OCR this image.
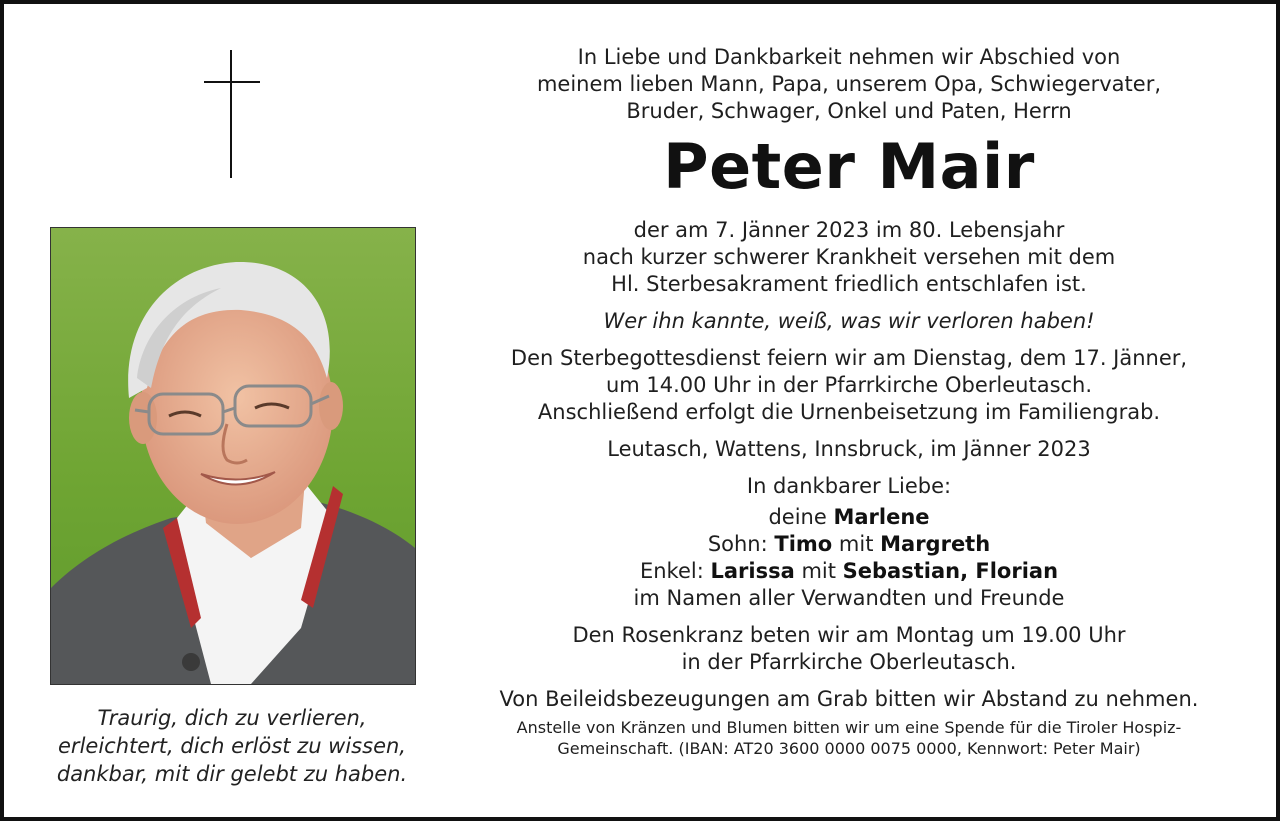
Traurig, dich zu verlieren,
erleichtert, dich erlöst zu wissen,
dankbar, mit dir gelebt zu haben.
In Liebe und Dankbarkeit nehmen wir Abschied von
meinem lieben Mann, Papa, unserem Opa, Schwiegervater,
Bruder, Schwager, Onkel und Paten, Herrn
Peter Mair
der am 7. Jänner 2023 im 80. Lebensjahr
nach kurzer schwerer Krankheit versehen mit dem
Hl. Sterbesakrament friedlich entschlafen ist.
Wer ihn kannte, weiß, was wir verloren haben!
Den Sterbegottesdienst feiern wir am Dienstag, dem 17. Jänner,
um 14.00 Uhr in der Pfarrkirche Oberleutasch.
Anschließend erfolgt die Urnenbeisetzung im Familiengrab.
Leutasch, Wattens, Innsbruck, im Jänner 2023
In dankbarer Liebe:
deine Marlene
Sohn: Timo mit Margreth
Enkel: Larissa mit Sebastian, Florian
im Namen aller Verwandten und Freunde
Den Rosenkranz beten wir am Montag um 19.00 Uhr
in der Pfarrkirche Oberleutasch.
Von Beileidsbezeugungen am Grab bitten wir Abstand zu nehmen.
Anstelle von Kränzen und Blumen bitten wir um eine Spende für die Tiroler Hospiz-
Gemeinschaft. (IBAN: AT20 3600 0000 0075 0000, Kennwort: Peter Mair)
